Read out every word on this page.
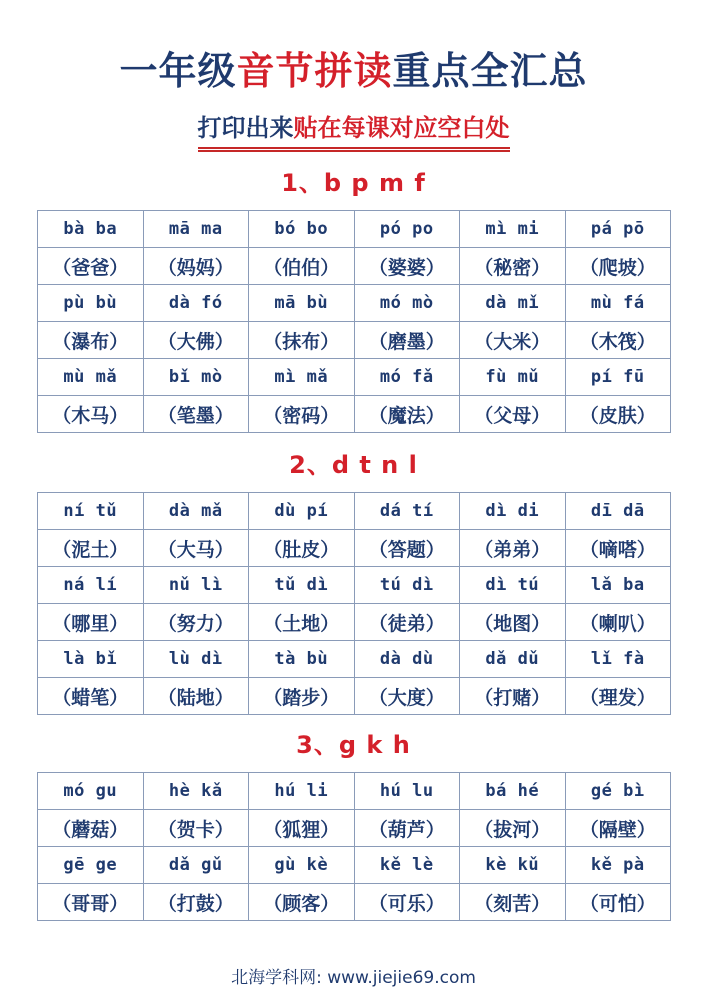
一年级音节拼读重点全汇总
打印出来贴在每课对应空白处
1、b p m f
bà ba	mā ma	bó bo	pó po	mì mi	pá pō
（爸爸）	（妈妈）	（伯伯）	（婆婆）	（秘密）	（爬坡）
pù bù	dà fó	mā bù	mó mò	dà mǐ	mù fá
（瀑布）	（大佛）	（抹布）	（磨墨）	（大米）	（木筏）
mù mǎ	bǐ mò	mì mǎ	mó fǎ	fù mǔ	pí fū
（木马）	（笔墨）	（密码）	（魔法）	（父母）	（皮肤）
2、d t n l
ní tǔ	dà mǎ	dù pí	dá tí	dì di	dī dā
（泥土）	（大马）	（肚皮）	（答题）	（弟弟）	（嘀嗒）
ná lí	nǔ lì	tǔ dì	tú dì	dì tú	lǎ ba
（哪里）	（努力）	（土地）	（徒弟）	（地图）	（喇叭）
là bǐ	lù dì	tà bù	dà dù	dǎ dǔ	lǐ fà
（蜡笔）	（陆地）	（踏步）	（大度）	（打赌）	（理发）
3、g k h
mó gu	hè kǎ	hú li	hú lu	bá hé	gé bì
（蘑菇）	（贺卡）	（狐狸）	（葫芦）	（拔河）	（隔壁）
gē ge	dǎ gǔ	gù kè	kě lè	kè kǔ	kě pà
（哥哥）	（打鼓）	（顾客）	（可乐）	（刻苦）	（可怕）
北海学科网: www.jiejie69.com
